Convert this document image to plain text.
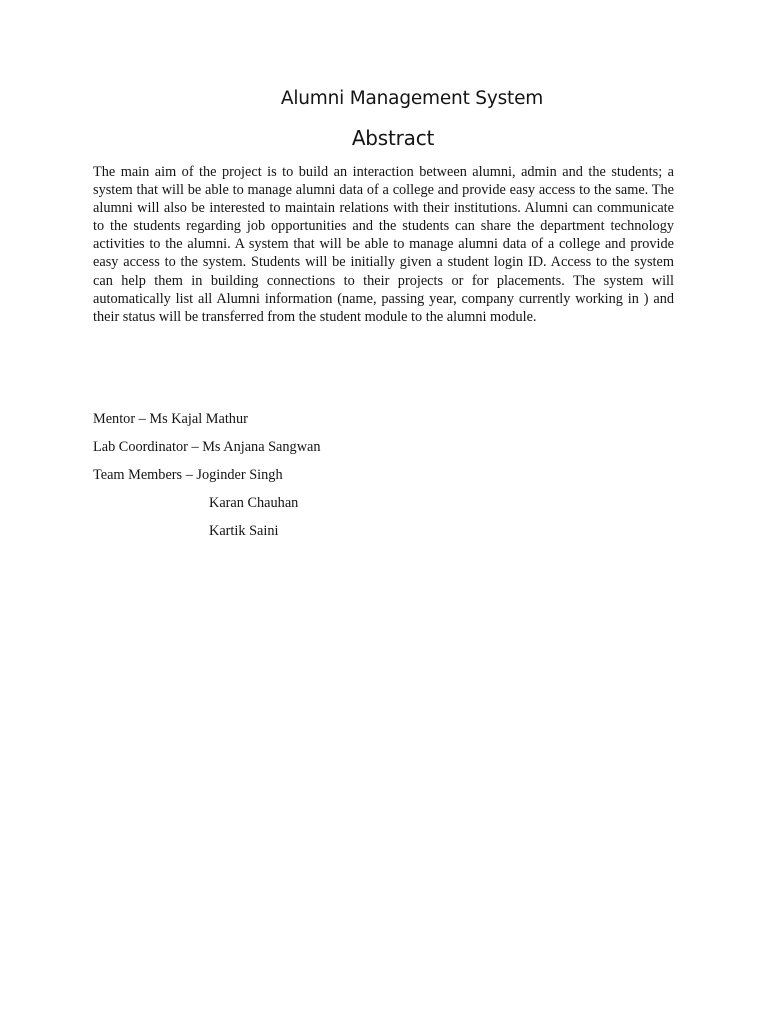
Alumni Management System
Abstract

The main aim of the project is to build an interaction between alumni, admin and the students; a system that will be able to manage alumni data of a college and provide easy access to the same. The alumni will also be interested to maintain relations with their institutions. Alumni can communicate to the students regarding job opportunities and the students can share the department technology activities to the alumni. A system that will be able to manage alumni data of a college and provide easy access to the system. Students will be initially given a student login ID. Access to the system can help them in building connections to their projects or for placements. The system will automatically list all Alumni information (name, passing year, company currently working in ) and their status will be transferred from the student module to the alumni module.

Mentor – Ms Kajal Mathur
Lab Coordinator – Ms Anjana Sangwan
Team Members – Joginder Singh
Karan Chauhan
Kartik Saini
